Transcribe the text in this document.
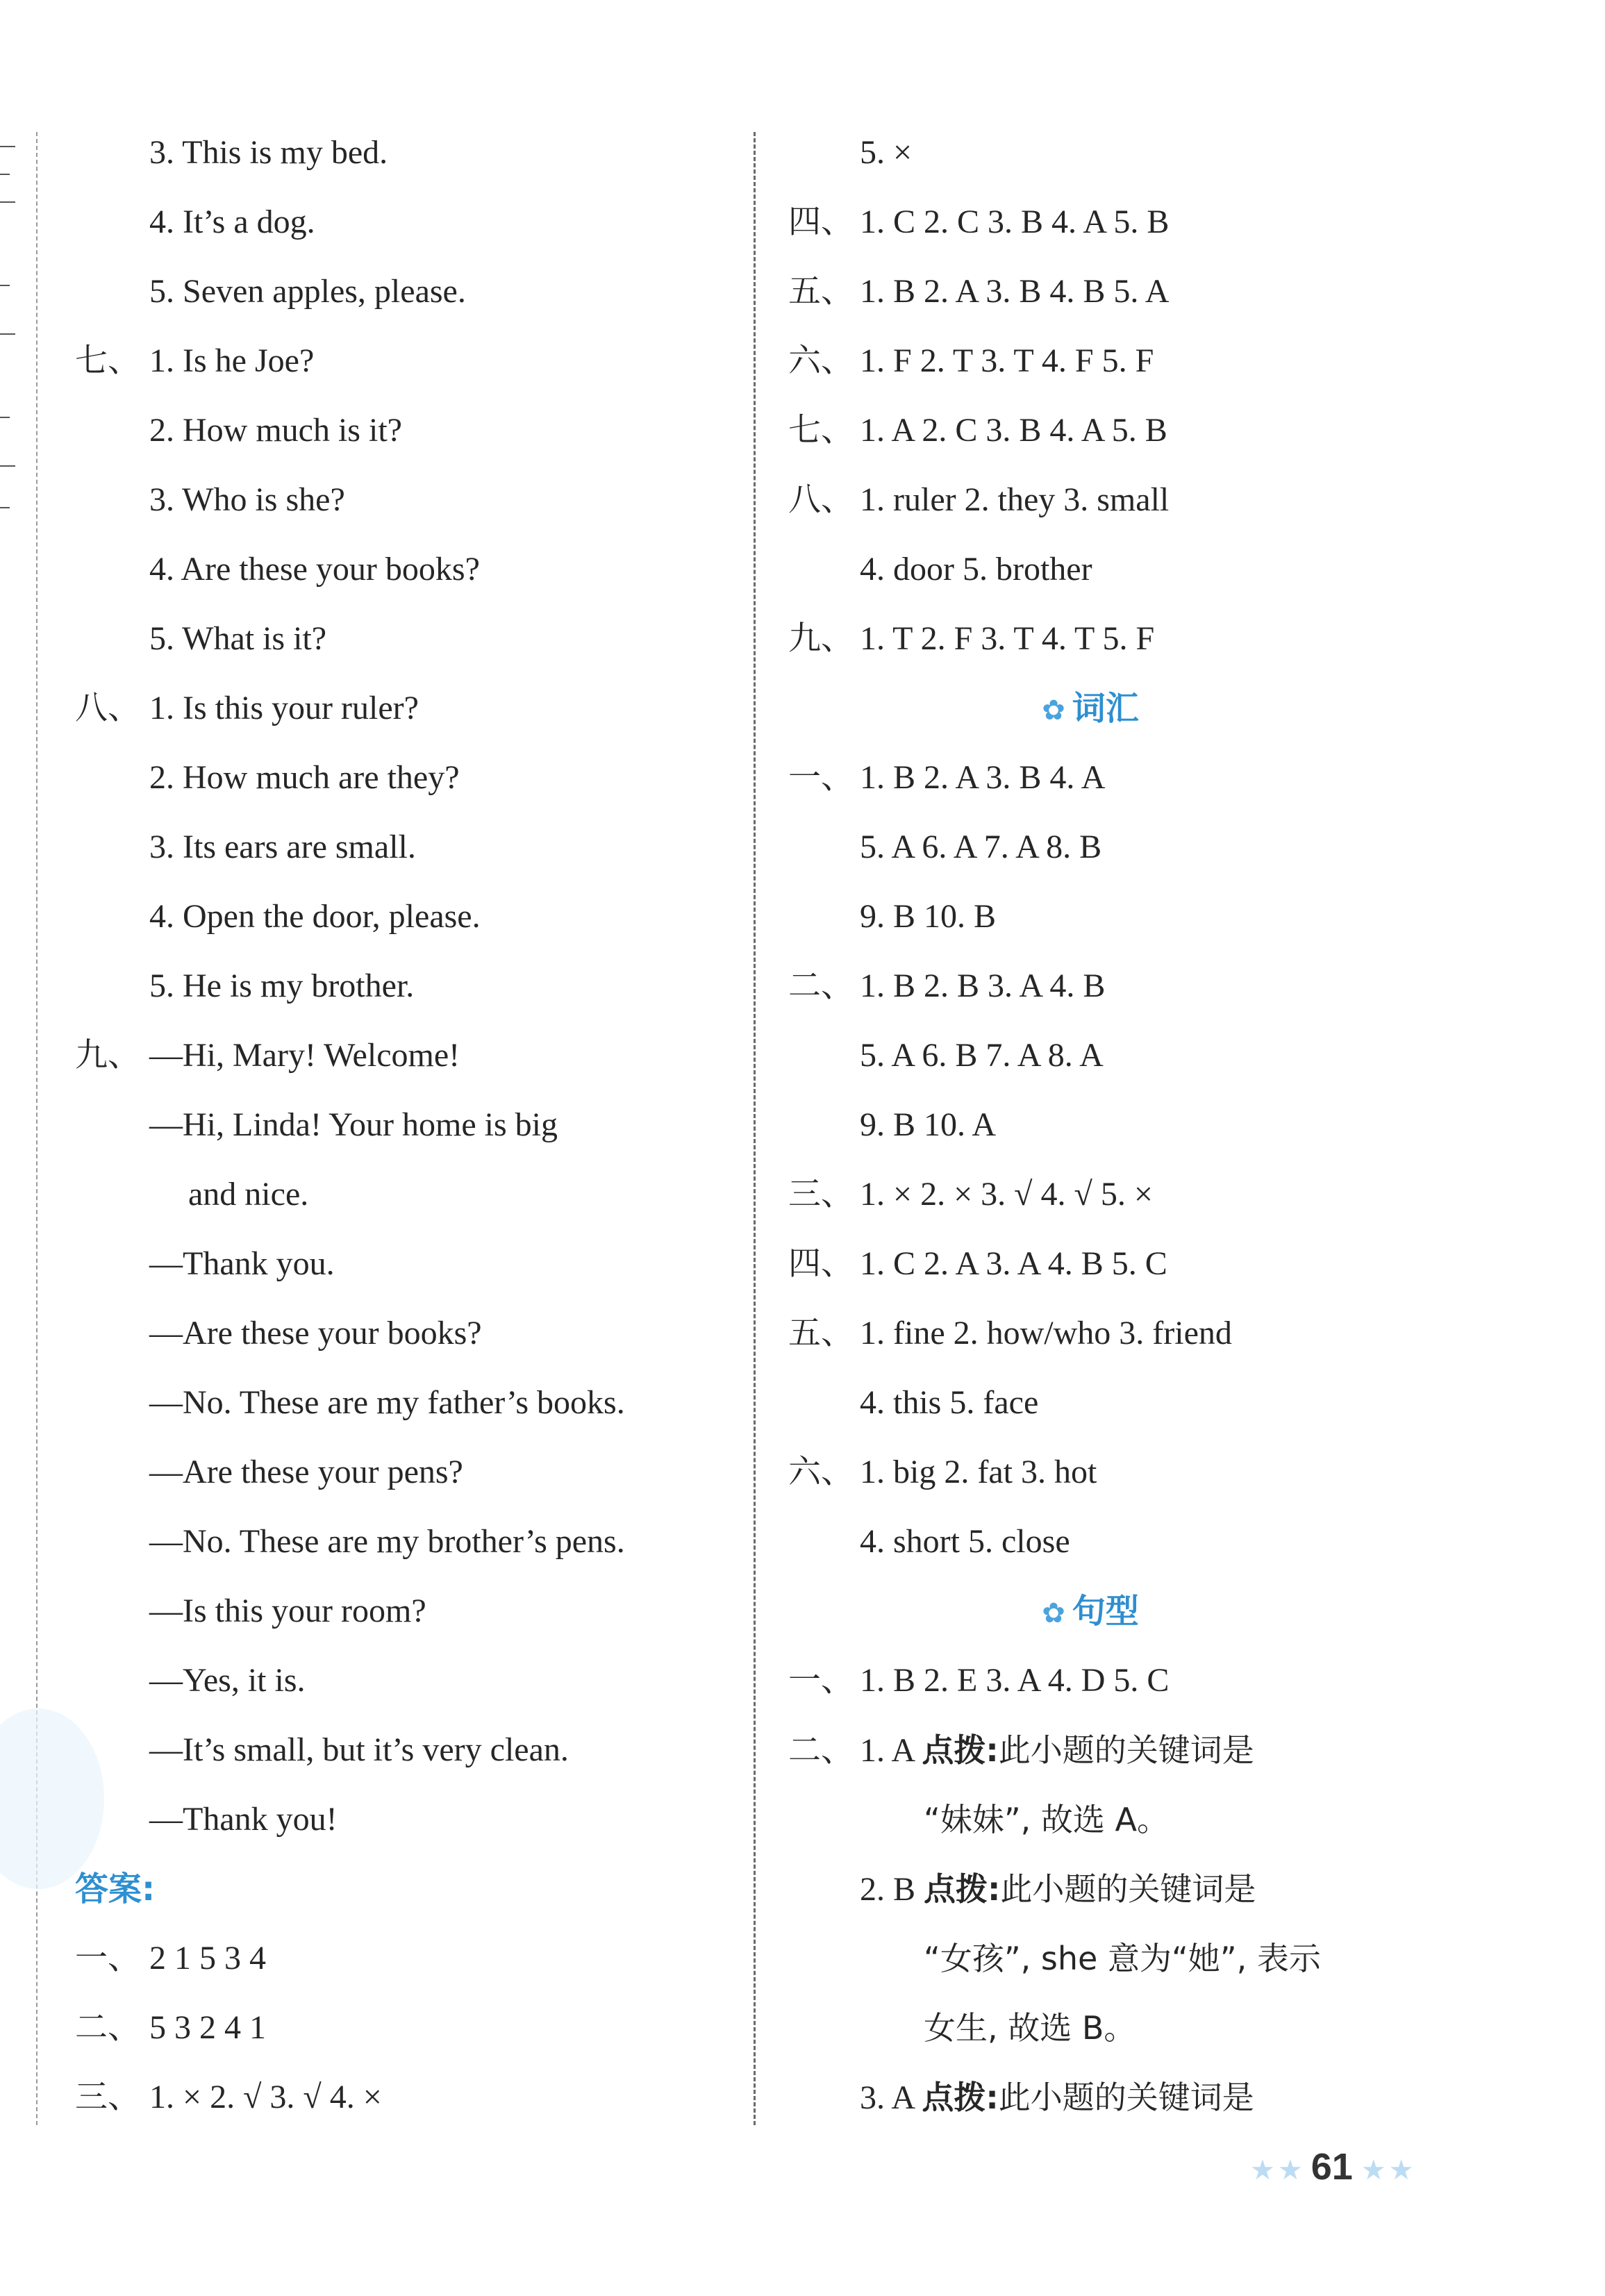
3. This is my bed.
4. It’s a dog.
5. Seven apples, please.
七、 1. Is he Joe?
2. How much is it?
3. Who is she?
4. Are these your books?
5. What is it?
八、 1. Is this your ruler?
2. How much are they?
3. Its ears are small.
4. Open the door, please.
5. He is my brother.
九、 —Hi, Mary! Welcome!
—Hi, Linda! Your home is big
and nice.
—Thank you.
—Are these your books?
—No. These are my father’s books.
—Are these your pens?
—No. These are my brother’s pens.
—Is this your room?
—Yes, it is.
—It’s small, but it’s very clean.
—Thank you!
答案:
一、 2 1 5 3 4
二、 5 3 2 4 1
三、 1. × 2. √ 3. √ 4. ×
5. ×
四、 1. C 2. C 3. B 4. A 5. B
五、 1. B 2. A 3. B 4. B 5. A
六、 1. F 2. T 3. T 4. F 5. F
七、 1. A 2. C 3. B 4. A 5. B
八、 1. ruler 2. they 3. small
4. door 5. brother
九、 1. T 2. F 3. T 4. T 5. F
✿ 词汇
一、 1. B 2. A 3. B 4. A
5. A 6. A 7. A 8. B
9. B 10. B
二、 1. B 2. B 3. A 4. B
5. A 6. B 7. A 8. A
9. B 10. A
三、 1. × 2. × 3. √ 4. √ 5. ×
四、 1. C 2. A 3. A 4. B 5. C
五、 1. fine 2. how/who 3. friend
4. this 5. face
六、 1. big 2. fat 3. hot
4. short 5. close
✿ 句型
一、 1. B 2. E 3. A 4. D 5. C
二、 1. A 点拨:此小题的关键词是
“妹妹”, 故选 A。
2. B 点拨:此小题的关键词是
“女孩”, she 意为“她”, 表示
女生, 故选 B。
3. A 点拨:此小题的关键词是
★ ★ 61 ★ ★
